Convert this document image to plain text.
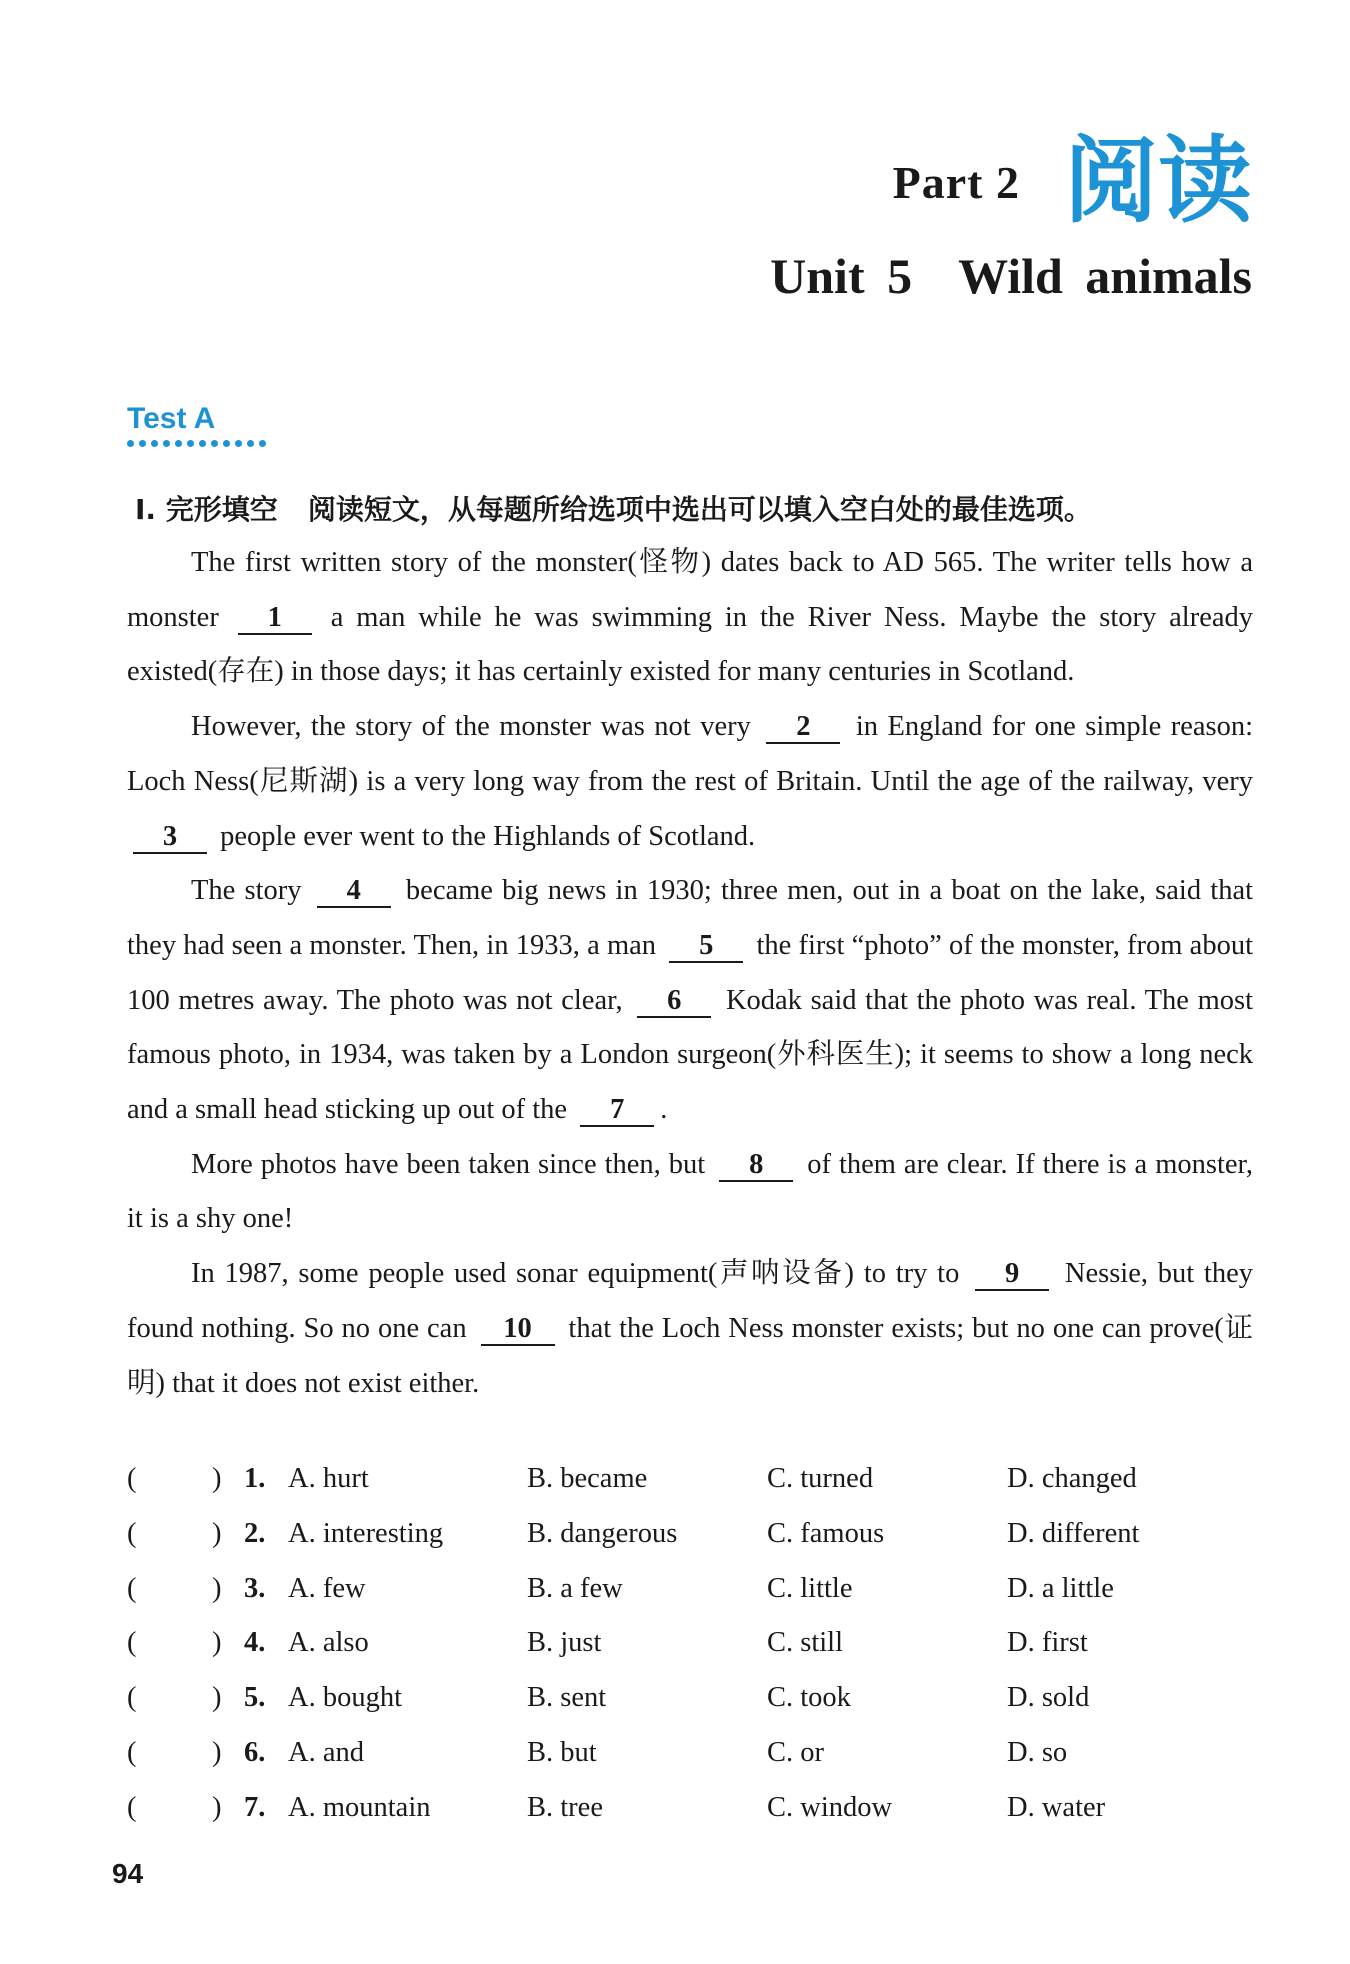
Part 2 阅读
Unit 5 Wild animals
Test A
Ⅰ. 完形填空 阅读短文，从每题所给选项中选出可以填入空白处的最佳选项。

The first written story of the monster(怪物) dates back to AD 565. The writer tells how a monster 1 a man while he was swimming in the River Ness. Maybe the story already existed(存在) in those days; it has certainly existed for many centuries in Scotland.

However, the story of the monster was not very 2 in England for one simple reason: Loch Ness(尼斯湖) is a very long way from the rest of Britain. Until the age of the railway, very 3 people ever went to the Highlands of Scotland.

The story 4 became big news in 1930; three men, out in a boat on the lake, said that they had seen a monster. Then, in 1933, a man 5 the first “photo” of the monster, from about 100 metres away. The photo was not clear, 6 Kodak said that the photo was real. The most famous photo, in 1934, was taken by a London surgeon(外科医生); it seems to show a long neck and a small head sticking up out of the 7 .

More photos have been taken since then, but 8 of them are clear. If there is a monster, it is a shy one!

In 1987, some people used sonar equipment(声呐设备) to try to 9 Nessie, but they found nothing. So no one can 10 that the Loch Ness monster exists; but no one can prove(证明) that it does not exist either.

(	) 1. A. hurt	B. became	C. turned	D. changed
(	) 2. A. interesting	B. dangerous	C. famous	D. different
(	) 3. A. few	B. a few	C. little	D. a little
(	) 4. A. also	B. just	C. still	D. first
(	) 5. A. bought	B. sent	C. took	D. sold
(	) 6. A. and	B. but	C. or	D. so
(	) 7. A. mountain	B. tree	C. window	D. water
94
